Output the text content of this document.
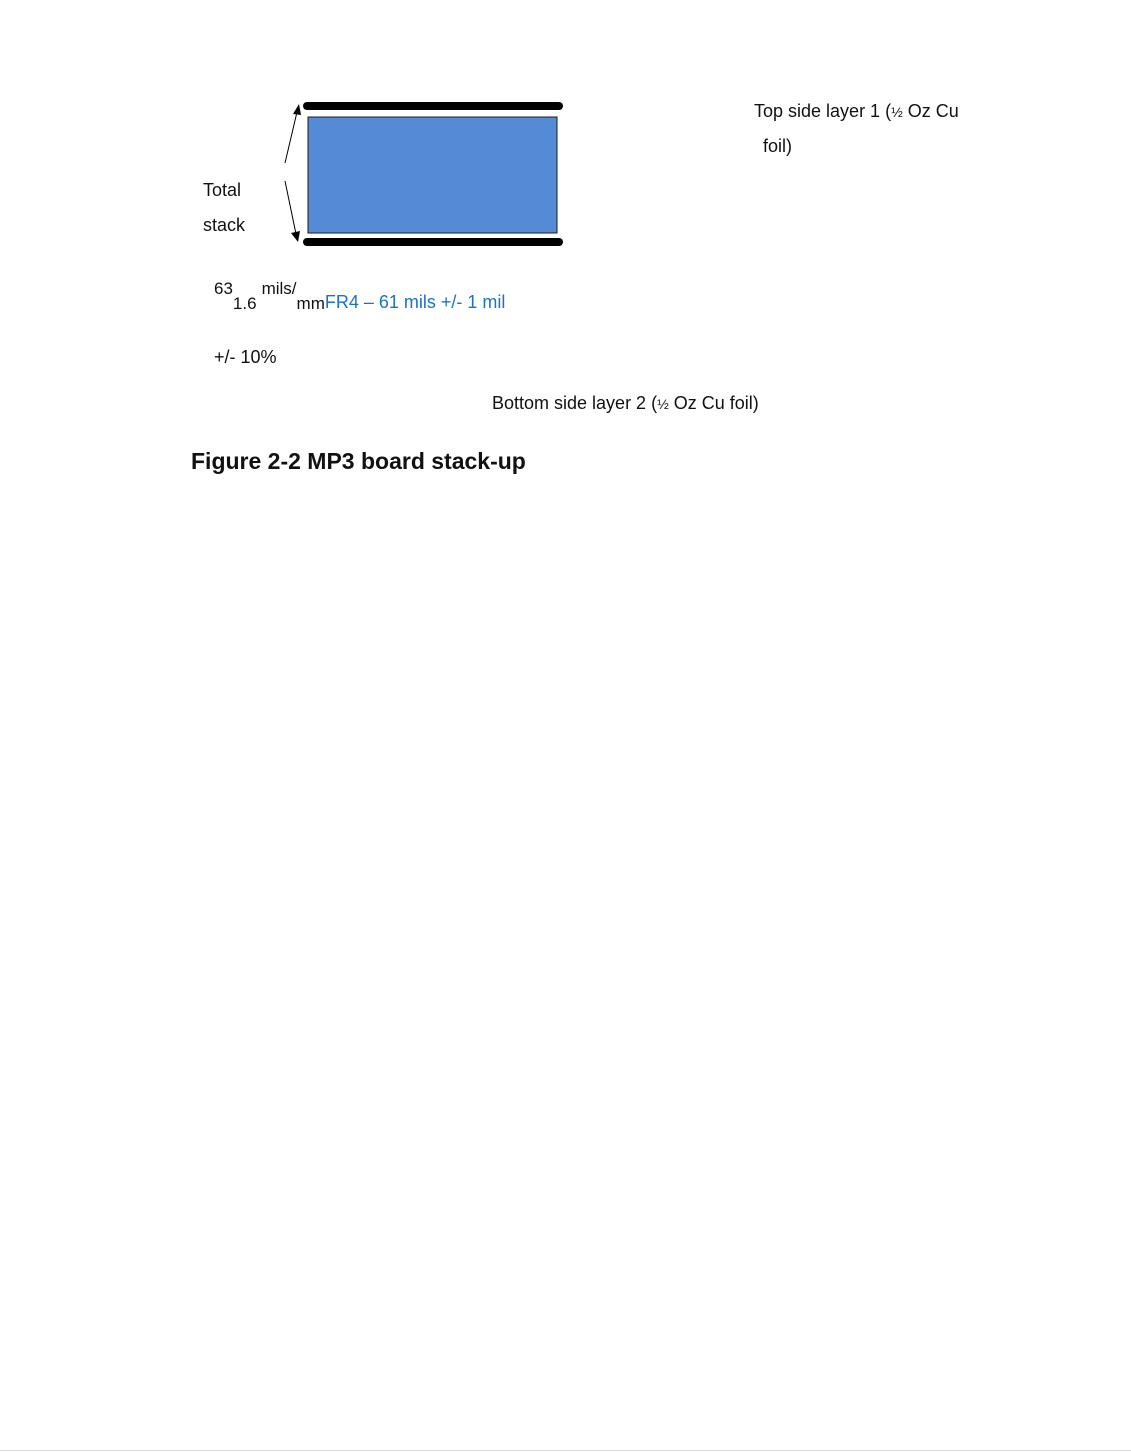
Top side layer 1 (½ Oz Cu
foil)
Total
stack
631.6 mils/mmFR4 – 61 mils +/- 1 mil
+/- 10%
Bottom side layer 2 (½ Oz Cu foil)
Figure 2-2 MP3 board stack-up
